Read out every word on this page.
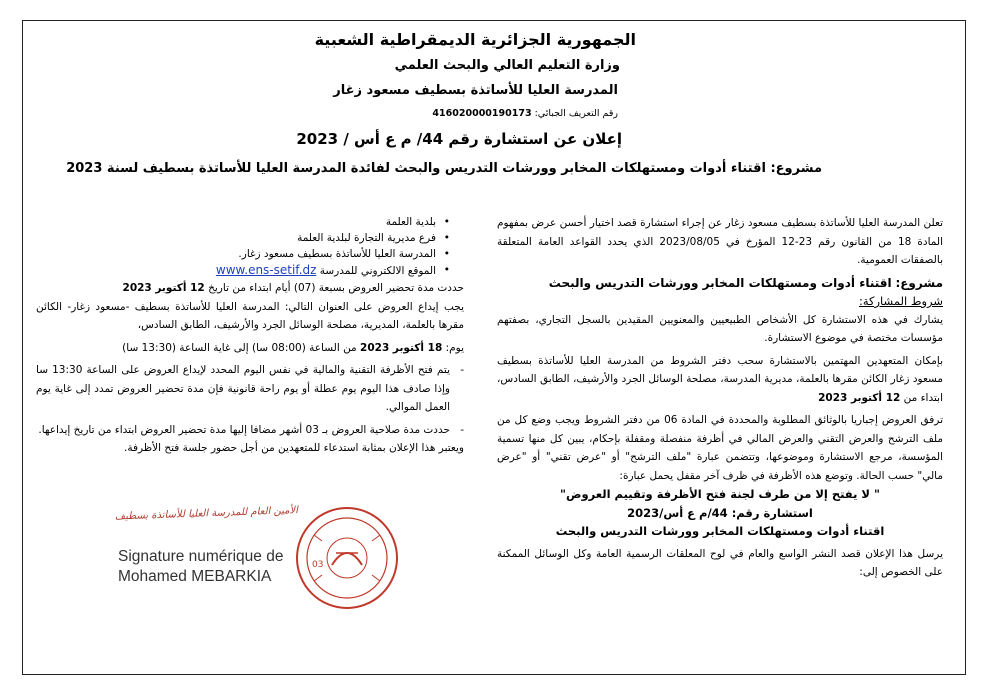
الجمهورية الجزائرية الديمقراطية الشعبية
وزارة التعليم العالي والبحث العلمي
المدرسة العليا للأساتذة بسطيف مسعود زغار
رقم التعريف الجبائي: 416020000190173
إعلان عن استشارة رقم 44/ م ع أس / 2023
مشروع: اقتناء أدوات ومستهلكات المخابر وورشات التدريس والبحث لفائدة المدرسة العليا للأساتذة بسطيف لسنة 2023

تعلن المدرسة العليا للأساتذة بسطيف مسعود زغار عن إجراء استشارة قصد اختيار أحسن عرض بمفهوم المادة 18 من القانون رقم 23-12 المؤرخ في 2023/08/05 الذي يحدد القواعد العامة المتعلقة بالصفقات العمومية.

مشروع: اقتناء أدوات ومستهلكات المخابر وورشات التدريس والبحث

شروط المشاركة:

يشارك في هذه الاستشارة كل الأشخاص الطبيعيين والمعنويين المقيدين بالسجل التجاري، بصفتهم مؤسسات مختصة في موضوع الاستشارة.

بإمكان المتعهدين المهتمين بالاستشارة سحب دفتر الشروط من المدرسة العليا للأساتذة بسطيف مسعود زغار الكائن مقرها بالعلمة، مديرية المدرسة، مصلحة الوسائل الجرد والأرشيف، الطابق السادس، ابتداء من 12 أكتوبر 2023

ترفق العروض إجباريا بالوثائق المطلوبة والمحددة في المادة 06 من دفتر الشروط ويجب وضع كل من ملف الترشح والعرض التقني والعرض المالي في أظرفة منفصلة ومقفلة بإحكام، يبين كل منها تسمية المؤسسة، مرجع الاستشارة وموضوعها، وتتضمن عبارة "ملف الترشح" أو "عرض تقني" أو "عرض مالي" حسب الحالة. وتوضع هذه الأظرفة في ظرف آخر مقفل يحمل عبارة:

" لا يفتح إلا من طرف لجنة فتح الأظرفة وتقييم العروض"

استشارة رقم: 44/م ع أس/2023

اقتناء أدوات ومستهلكات المخابر وورشات التدريس والبحث

يرسل هذا الإعلان قصد النشر الواسع والعام في لوح المعلقات الرسمية العامة وكل الوسائل الممكنة على الخصوص إلى:

• بلدية العلمة
• فرع مديرية التجارة لبلدية العلمة
• المدرسة العليا للأساتذة بسطيف مسعود زغار.
• الموقع الالكتروني للمدرسة www.ens-setif.dz

حددت مدة تحضير العروض بسبعة (07) أيام ابتداء من تاريخ 12 أكتوبر 2023

يجب إيداع العروض على العنوان التالي: المدرسة العليا للأساتذة بسطيف -مسعود زغار- الكائن مقرها بالعلمة، المديرية، مصلحة الوسائل الجرد والأرشيف، الطابق السادس،

يوم: 18 أكتوبر 2023 من الساعة (08:00 سا) إلى غاية الساعة (13:30 سا)

- يتم فتح الأظرفة التقنية والمالية في نفس اليوم المحدد لإيداع العروض على الساعة 13:30 سا وإذا صادف هذا اليوم يوم عطلة أو يوم راحة قانونية فإن مدة تحضير العروض تمدد إلى غاية يوم العمل الموالي.

- حددت مدة صلاحية العروض بـ 03 أشهر مضافا إليها مدة تحضير العروض ابتداء من تاريخ إيداعها.

ويعتبر هذا الإعلان بمثابة استدعاء للمتعهدين من أجل حضور جلسة فتح الأظرفة.

الأمين العام للمدرسة العليا للأساتذة بسطيف
Signature numérique de
Mohamed MEBARKIA
03
